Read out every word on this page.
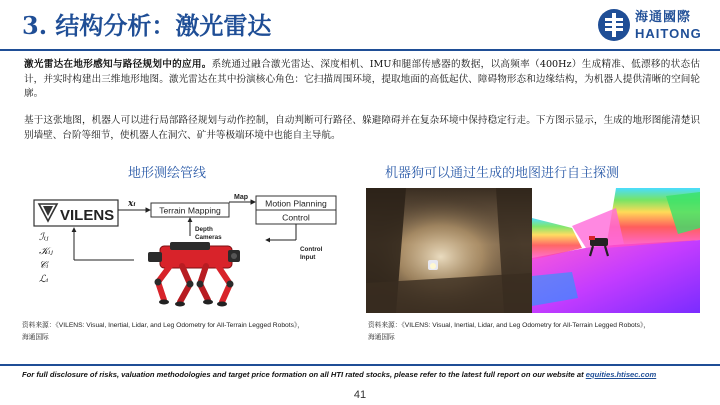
3. 结构分析：激光雷达	海通國際
HAITONG

激光雷达在地形感知与路径规划中的应用。系统通过融合激光雷达、深度相机、IMU和腿部传感器的数据，以高频率（400Hz）生成精准、低漂移的状态估计，并实时构建出三维地形地图。激光雷达在其中扮演核心角色：它扫描周围环境，提取地面的高低起伏、障碍物形态和边缘结构，为机器人提供清晰的空间轮廓。

基于这张地图，机器人可以进行局部路径规划与动作控制，自动判断可行路径、躲避障碍并在复杂环境中保持稳定行走。下方图示显示，生成的地形图能清楚识别墙壁、台阶等细节，使机器人在洞穴、矿井等极端环境中也能自主导航。

地形测绘管线	机器狗可以通过生成的地图进行自主探测
VILENS
xᵢ
Terrain Mapping
Map
Motion Planning
Control
Control
Input
Depth
Cameras
ℐᵢⱼ
𝒦ᵢⱼ
𝒞ᵢ
ℒᵢ
资料来源：《VILENS: Visual, Inertial, Lidar, and Leg Odometry for All-Terrain Legged Robots》，
海通国际
资料来源：《VILENS: Visual, Inertial, Lidar, and Leg Odometry for All-Terrain Legged Robots》，
海通国际
For full disclosure of risks, valuation methodologies and target price formation on all HTI rated stocks, please refer to the latest full report on our website at equities.htisec.com
41
